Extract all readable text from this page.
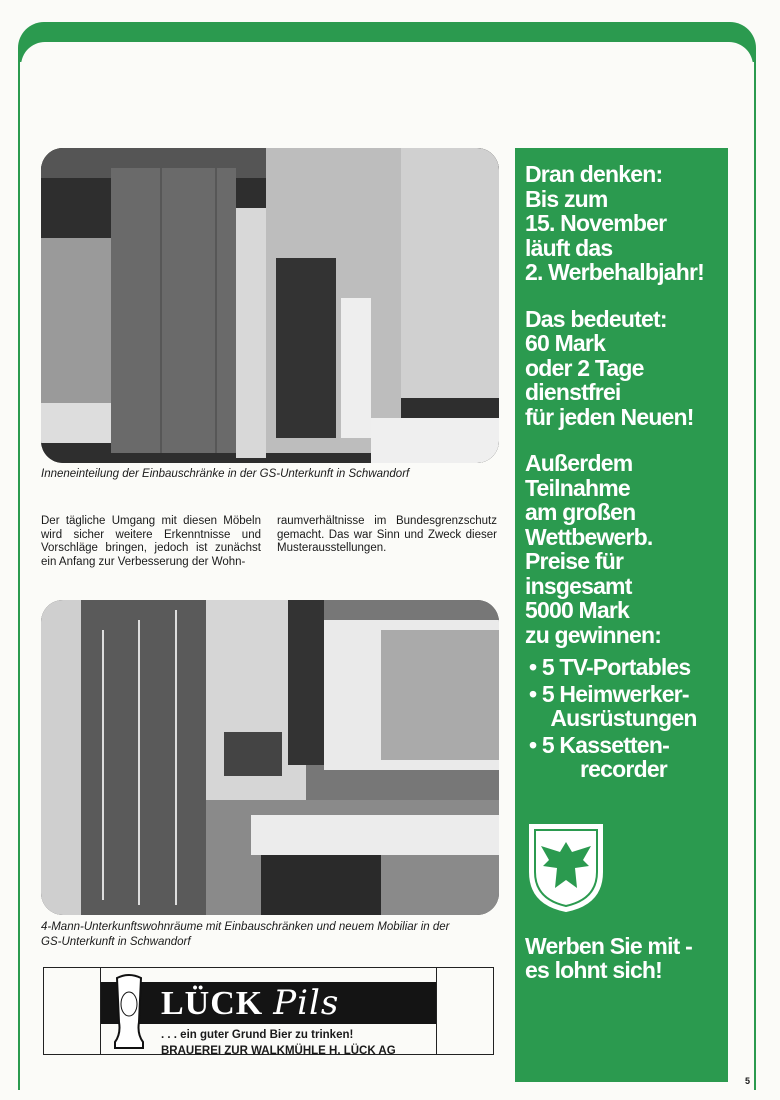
Inneneinteilung der Einbauschränke in der GS-Unterkunft in Schwandorf
Der tägliche Umgang mit diesen Möbeln wird sicher weitere Erkenntnisse und Vorschläge bringen, jedoch ist zunächst ein Anfang zur Verbesserung der Wohn-
raumverhältnisse im Bundesgrenzschutz gemacht. Das war Sinn und Zweck dieser Musterausstellungen.
4-Mann-Unterkunftswohnräume mit Einbauschränken und neuem Mobiliar in der
GS-Unterkunft in Schwandorf
LÜCK Pils
. . . ein guter Grund Bier zu trinken!
BRAUEREI ZUR WALKMÜHLE H. LÜCK AG
Dran denken:
Bis zum
15. November
läuft das
2. Werbehalbjahr!
Das bedeutet:
60 Mark
oder 2 Tage
dienstfrei
für jeden Neuen!
Außerdem Teilnahme
am großen
Wettbewerb.
Preise für
insgesamt
5000 Mark
zu gewinnen:
• 5 TV-Portables
• 5 Heimwerker-
Ausrüstungen
• 5 Kassetten-
recorder
Werben Sie mit -
es lohnt sich!
5
